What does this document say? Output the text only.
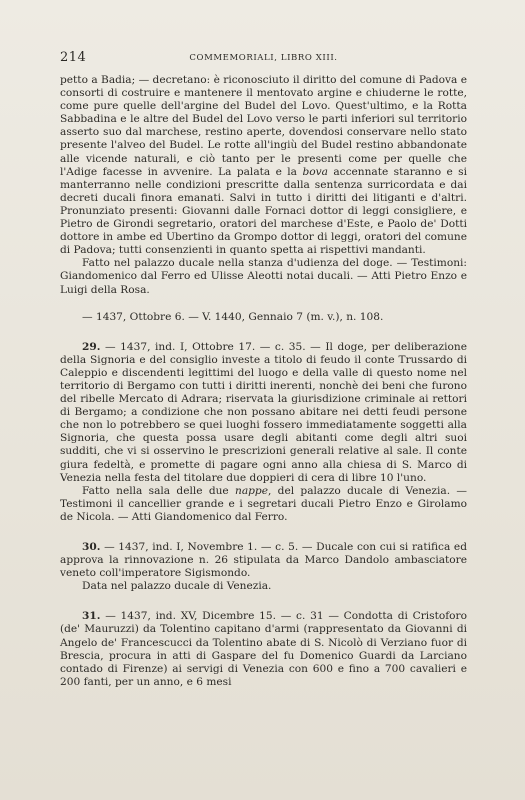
214	COMMEMORIALI, LIBRO XIII.

petto a Badia; — decretano: è riconosciuto il diritto del comune di Padova e consorti di costruire e mantenere il mentovato argine e chiuderne le rotte, come pure quelle dell'argine del Budel del Lovo. Quest'ultimo, e la Rotta Sabbadina e le altre del Budel del Lovo verso le parti inferiori sul territorio asserto suo dal marchese, restino aperte, dovendosi conservare nello stato presente l'alveo del Budel. Le rotte all'ingiù del Budel restino abbandonate alle vicende naturali, e ciò tanto per le presenti come per quelle che l'Adige facesse in avvenire. La palata e la bova accennate staranno e si manterranno nelle condizioni prescritte dalla sentenza surricordata e dai decreti ducali finora emanati. Salvi in tutto i diritti dei litiganti e d'altri. Pronunziato presenti: Giovanni dalle Fornaci dottor di leggi consigliere, e Pietro de Girondi segretario, oratori del marchese d'Este, e Paolo de' Dotti dottore in ambe ed Ubertino da Grompo dottor di leggi, oratori del comune di Padova; tutti consenzienti in quanto spetta ai rispettivi mandanti.

Fatto nel palazzo ducale nella stanza d'udienza del doge. — Testimoni: Giandomenico dal Ferro ed Ulisse Aleotti notai ducali. — Atti Pietro Enzo e Luigi della Rosa.

— 1437, Ottobre 6. — V. 1440, Gennaio 7 (m. v.), n. 108.

29. — 1437, ind. I, Ottobre 17. — c. 35. — Il doge, per deliberazione della Signoria e del consiglio investe a titolo di feudo il conte Trussardo di Caleppio e discendenti legittimi del luogo e della valle di questo nome nel territorio di Bergamo con tutti i diritti inerenti, nonchè dei beni che furono del ribelle Mercato di Adrara; riservata la giurisdizione criminale ai rettori di Bergamo; a condizione che non possano abitare nei detti feudi persone che non lo potrebbero se quei luoghi fossero immediatamente soggetti alla Signoria, che questa possa usare degli abitanti come degli altri suoi sudditi, che vi si osservino le prescrizioni generali relative al sale. Il conte giura fedeltà, e promette di pagare ogni anno alla chiesa di S. Marco di Venezia nella festa del titolare due doppieri di cera di libre 10 l'uno.

Fatto nella sala delle due nappe, del palazzo ducale di Venezia. — Testimoni il cancellier grande e i segretari ducali Pietro Enzo e Girolamo de Nicola. — Atti Giandomenico dal Ferro.

30. — 1437, ind. I, Novembre 1. — c. 5. — Ducale con cui si ratifica ed approva la rinnovazione n. 26 stipulata da Marco Dandolo ambasciatore veneto coll'imperatore Sigismondo.

Data nel palazzo ducale di Venezia.

31. — 1437, ind. XV, Dicembre 15. — c. 31 — Condotta di Cristoforo (de' Mauruzzi) da Tolentino capitano d'armi (rappresentato da Giovanni di Angelo de' Francescucci da Tolentino abate di S. Nicolò di Verziano fuor di Brescia, procura in atti di Gaspare del fu Domenico Guardi da Larciano contado di Firenze) ai servigi di Venezia con 600 e fino a 700 cavalieri e 200 fanti, per un anno, e 6 mesi
